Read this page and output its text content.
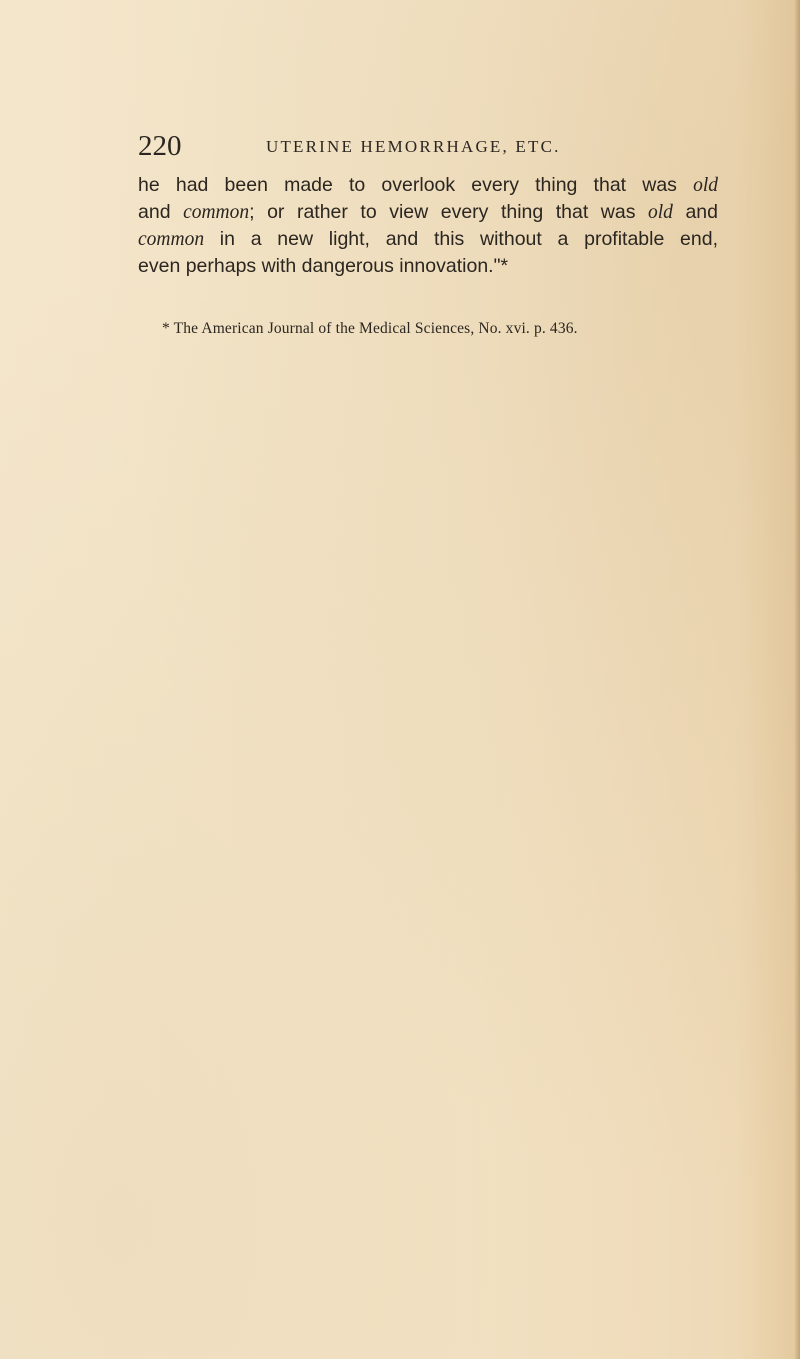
220	UTERINE HEMORRHAGE, ETC.
he had been made to overlook every thing that was old
and common; or rather to view every thing that was old and
common in a new light, and this without a profitable end,
even perhaps with dangerous innovation."*
* The American Journal of the Medical Sciences, No. xvi. p. 436.
